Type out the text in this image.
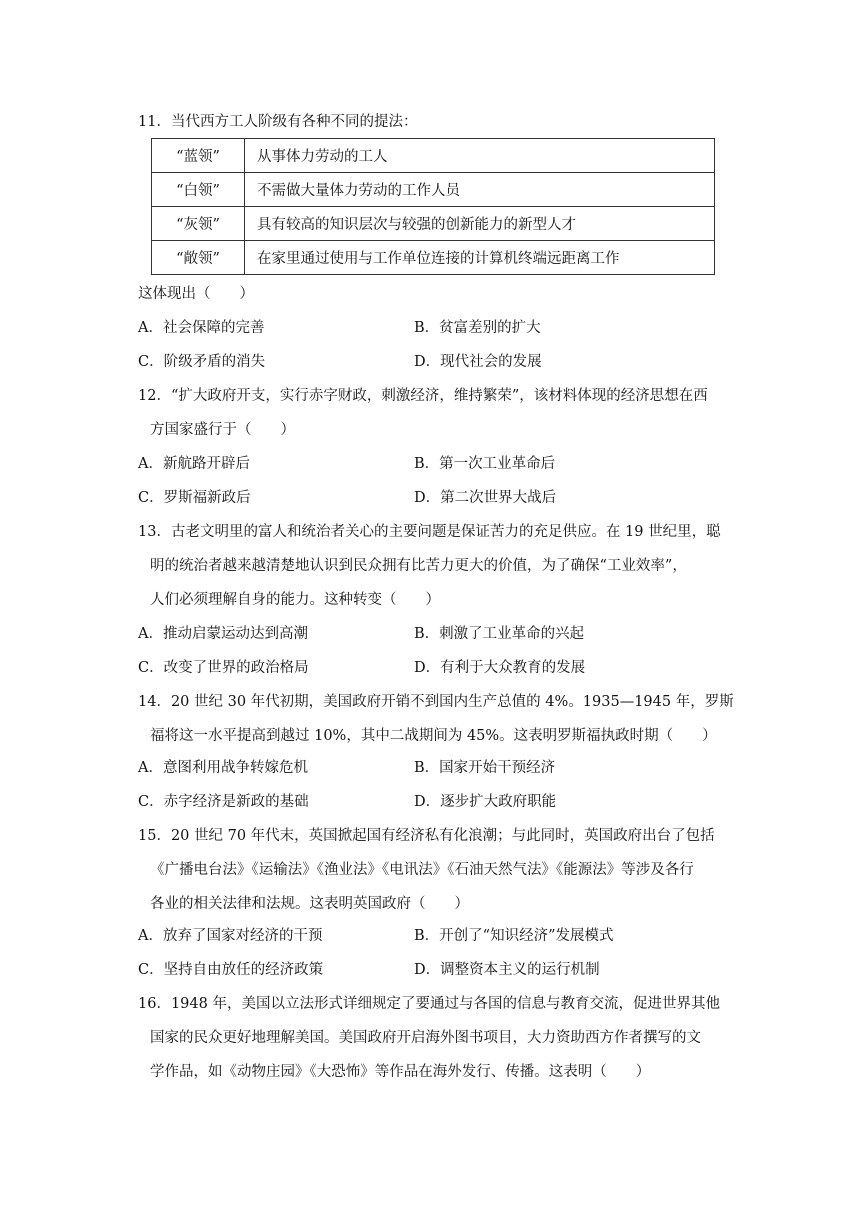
11．当代西方工人阶级有各种不同的提法：

“蓝领”	从事体力劳动的工人
“白领”	不需做大量体力劳动的工作人员
“灰领”	具有较高的知识层次与较强的创新能力的新型人才
“敞领”	在家里通过使用与工作单位连接的计算机终端远距离工作

这体现出（　　）

A．社会保障的完善	B．贫富差别的扩大
C．阶级矛盾的消失	D．现代社会的发展

12．“扩大政府开支，实行赤字财政，刺激经济，维持繁荣”，该材料体现的经济思想在西

方国家盛行于（　　）

A．新航路开辟后	B．第一次工业革命后
C．罗斯福新政后	D．第二次世界大战后

13．古老文明里的富人和统治者关心的主要问题是保证苦力的充足供应。在 19 世纪里，聪

明的统治者越来越清楚地认识到民众拥有比苦力更大的价值，为了确保“工业效率”，

人们必须理解自身的能力。这种转变（　　）

A．推动启蒙运动达到高潮	B．刺激了工业革命的兴起
C．改变了世界的政治格局	D．有利于大众教育的发展

14．20 世纪 30 年代初期，美国政府开销不到国内生产总值的 4%。1935—1945 年，罗斯

福将这一水平提高到越过 10%，其中二战期间为 45%。这表明罗斯福执政时期（　　）

A．意图利用战争转嫁危机	B．国家开始干预经济
C．赤字经济是新政的基础	D．逐步扩大政府职能

15．20 世纪 70 年代末，英国掀起国有经济私有化浪潮；与此同时，英国政府出台了包括

《广播电台法》《运输法》《渔业法》《电讯法》《石油天然气法》《能源法》等涉及各行

各业的相关法律和法规。这表明英国政府（　　）

A．放弃了国家对经济的干预	B．开创了“知识经济”发展模式
C．坚持自由放任的经济政策	D．调整资本主义的运行机制

16．1948 年，美国以立法形式详细规定了要通过与各国的信息与教育交流，促进世界其他

国家的民众更好地理解美国。美国政府开启海外图书项目，大力资助西方作者撰写的文

学作品，如《动物庄园》《大恐怖》等作品在海外发行、传播。这表明（　　）
